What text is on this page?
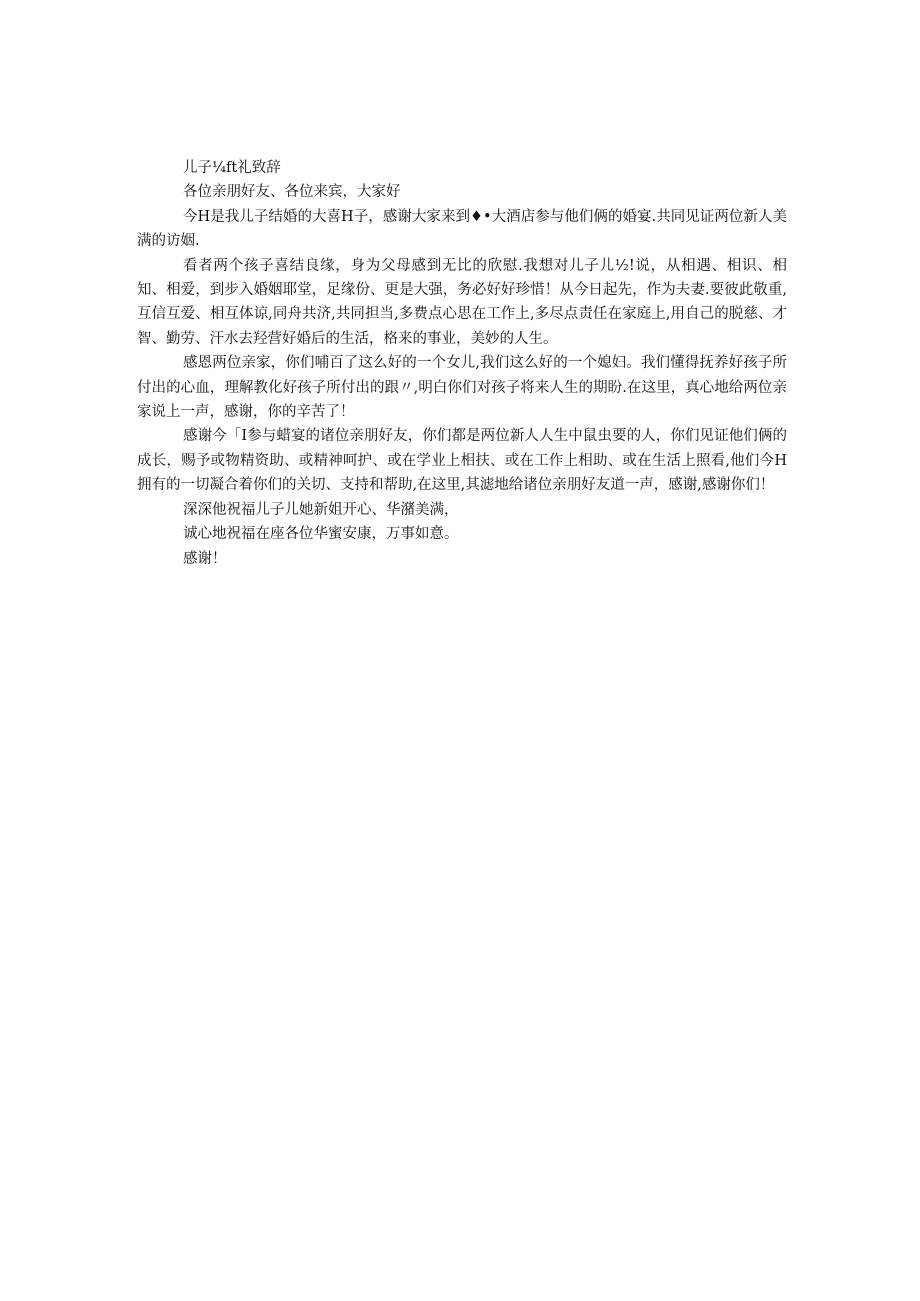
儿子¼ft礼致辞

各位亲朋好友、各位来宾，大家好

今H是我儿子结婚的大喜H子，感谢大家来到♦•大酒店参与他们俩的婚宴.共同见证两位新人美满的访姻.

看者两个孩子喜结良缘，身为父母感到无比的欣慰.我想对儿子儿½!说，从相遇、相识、相知、相爱，到步入婚姻耶堂，足缘份、更是大强，务必好好珍惜！从今日起先，作为夫妻.要彼此敬重,互信互爱、相互体谅,同舟共济,共同担当,多费点心思在工作上,多尽点责任在家庭上,用自己的脱慈、才智、勤劳、汗水去羟营好婚后的生活，格来的事业，美妙的人生。

感恩两位亲家，你们哺百了这么好的一个女儿,我们这么好的一个媳妇。我们懂得抚养好孩子所付出的心血，理解教化好孩子所付出的跟〃,明白你们对孩子将来人生的期盼.在这里，真心地给两位亲家说上一声，感谢，你的辛苦了！

感谢今「I参与蜡宴的诸位亲朋好友，你们都是两位新人人生中鼠虫要的人，你们见证他们俩的成长，赐予或物精资助、或精神呵护、或在学业上相扶、或在工作上相助、或在生活上照看,他们今H拥有的一切凝合着你们的关切、支持和帮助,在这里,其滤地给诸位亲朋好友道一声，感谢,感谢你们！

深深他祝福儿子儿她新姐开心、华潴美满，

诚心地祝福在座各位华蜜安康，万事如意。

感谢！
